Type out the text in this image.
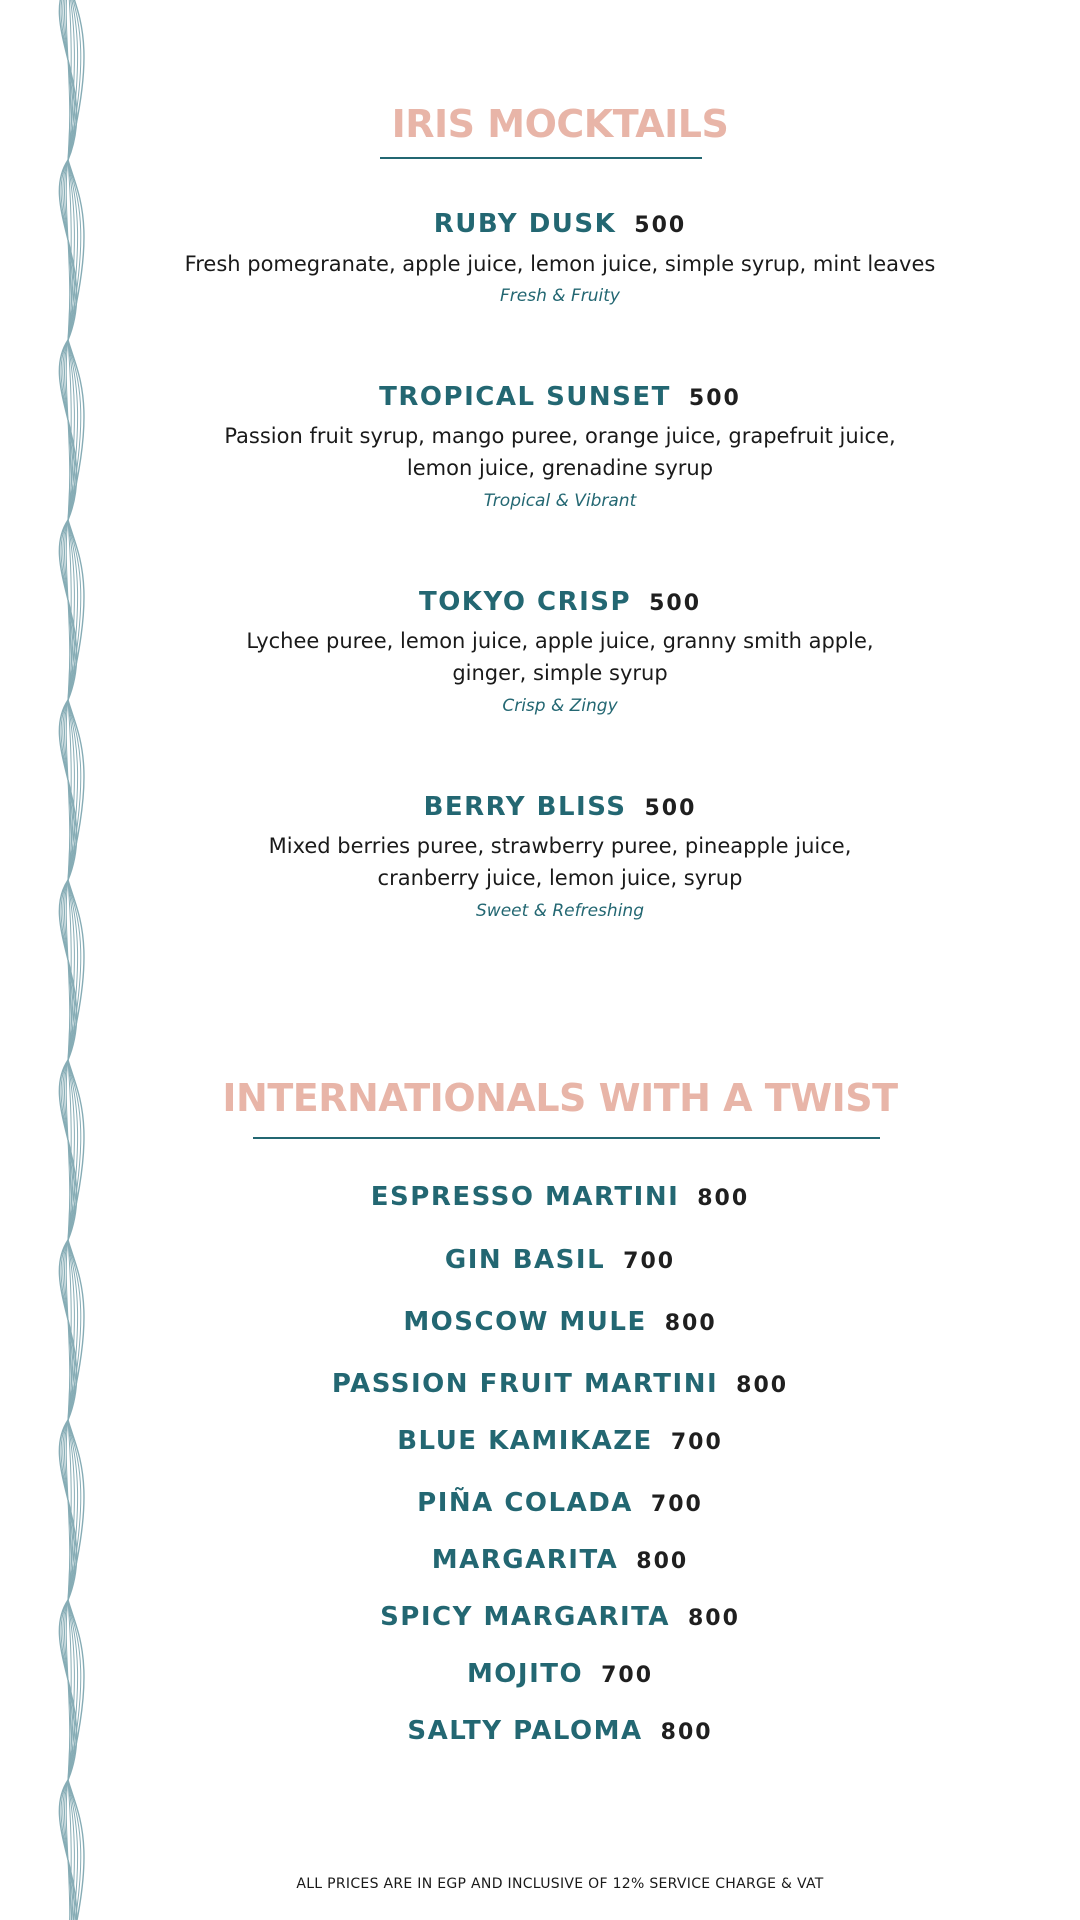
IRIS MOCKTAILS
RUBY DUSK 500

Fresh pomegranate, apple juice, lemon juice, simple syrup, mint leaves

Fresh & Fruity

TROPICAL SUNSET 500

Passion fruit syrup, mango puree, orange juice, grapefruit juice,
lemon juice, grenadine syrup

Tropical & Vibrant

TOKYO CRISP 500

Lychee puree, lemon juice, apple juice, granny smith apple,
ginger, simple syrup

Crisp & Zingy

BERRY BLISS 500

Mixed berries puree, strawberry puree, pineapple juice,
cranberry juice, lemon juice, syrup

Sweet & Refreshing

INTERNATIONALS WITH A TWIST
ESPRESSO MARTINI 800
GIN BASIL 700
MOSCOW MULE 800
PASSION FRUIT MARTINI 800
BLUE KAMIKAZE 700
PIÑA COLADA 700
MARGARITA 800
SPICY MARGARITA 800
MOJITO 700
SALTY PALOMA 800
ALL PRICES ARE IN EGP AND INCLUSIVE OF 12% SERVICE CHARGE & VAT
